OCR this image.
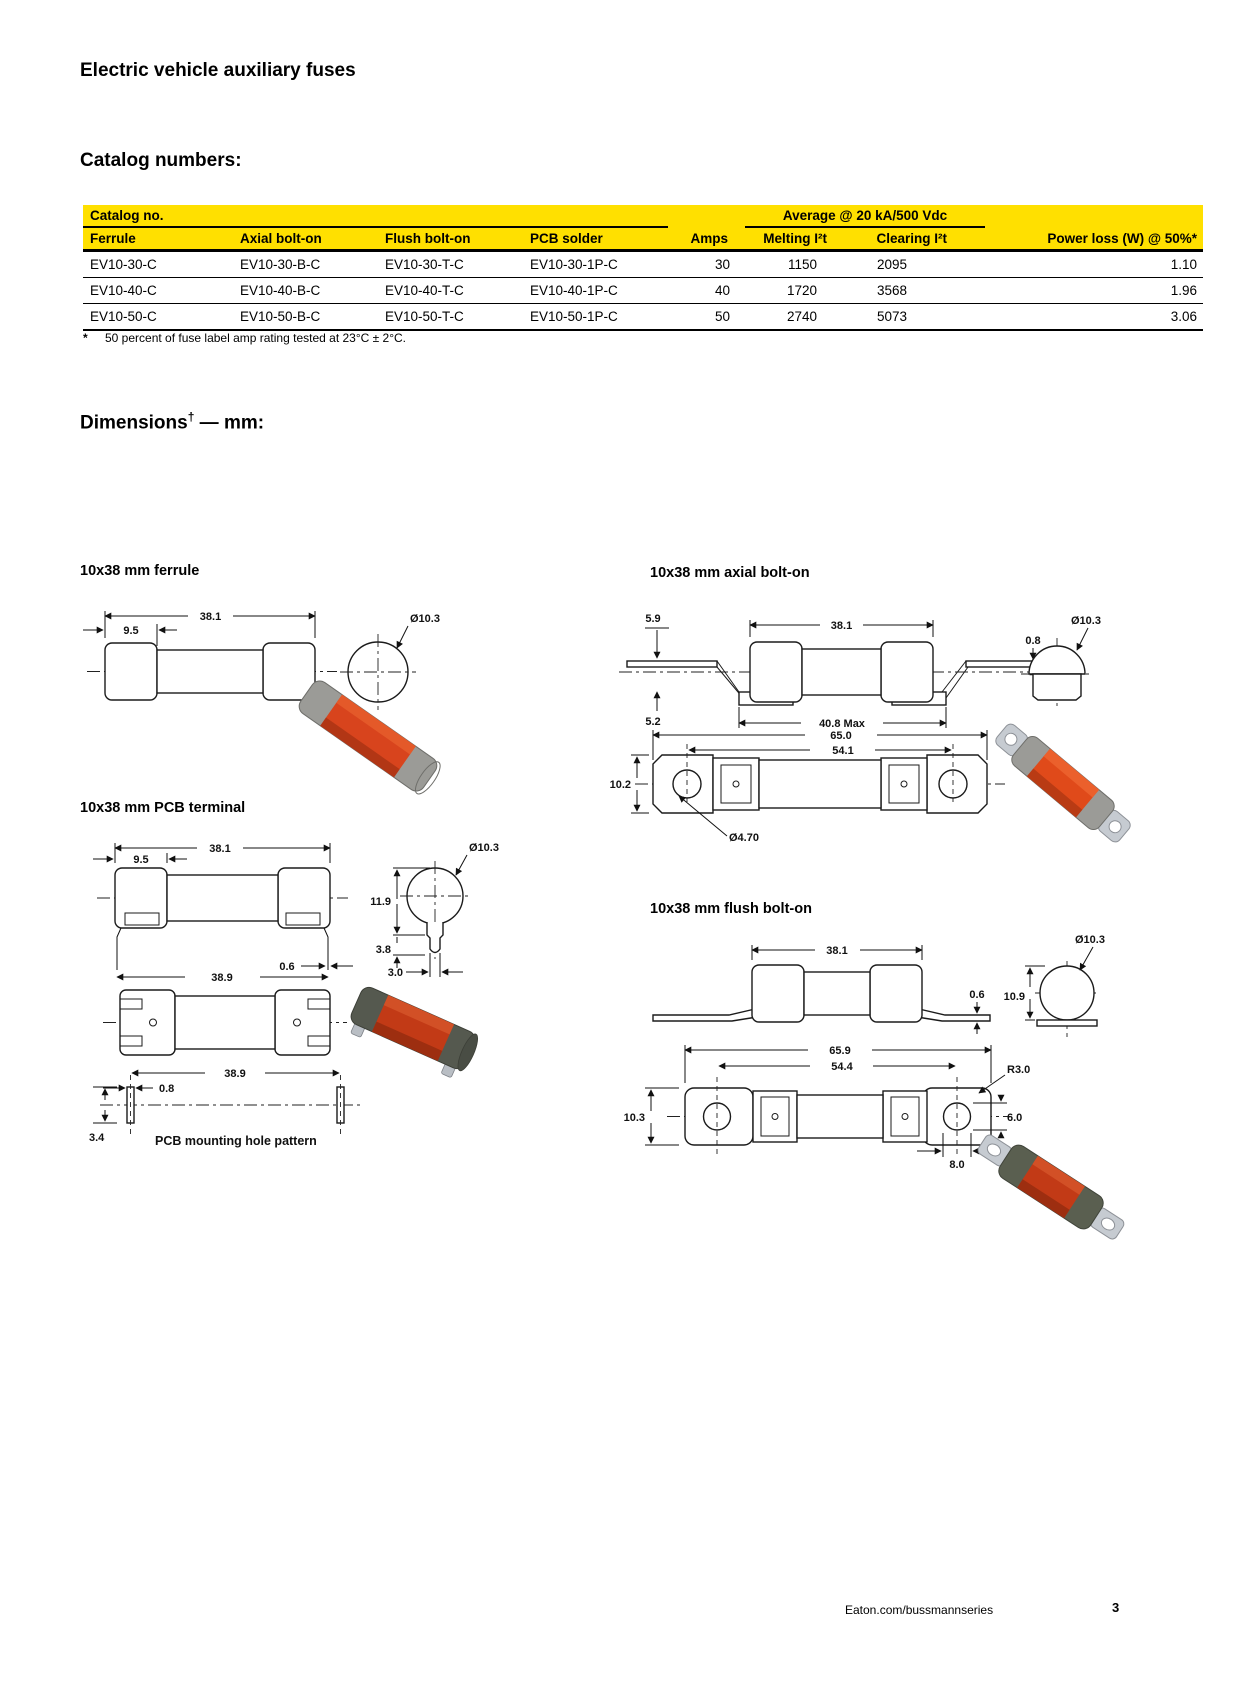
Electric vehicle auxiliary fuses
Catalog numbers:
Catalog no.					Average @ 20 kA/500 Vdc		
Ferrule	Axial bolt-on	Flush bolt-on	PCB solder	Amps	Melting I²t	Clearing I²t	Power loss (W) @ 50%*
EV10-30-C	EV10-30-B-C	EV10-30-T-C	EV10-30-1P-C	30	1150	2095	1.10
EV10-40-C	EV10-40-B-C	EV10-40-T-C	EV10-40-1P-C	40	1720	3568	1.96
EV10-50-C	EV10-50-B-C	EV10-50-T-C	EV10-50-1P-C	50	2740	5073	3.06

* 50 percent of fuse label amp rating tested at 23°C ± 2°C.

Dimensions† — mm:
10x38 mm ferrule
38.1
9.5
Ø10.3
10x38 mm PCB terminal
38.1
9.5
0.6
38.9
Ø10.3
11.9
3.8
3.0
38.9
0.8
3.4	PCB mounting hole pattern
10x38 mm axial bolt-on
5.9
38.1
0.8
40.8 Max
5.2
Ø10.3
65.0
54.1
10.2
Ø4.70
10x38 mm flush bolt-on
38.1
0.6 10.9
Ø10.3
65.9
54.4	R3.0
10.3	6.0
8.0
Eaton.com/bussmannseries	3
